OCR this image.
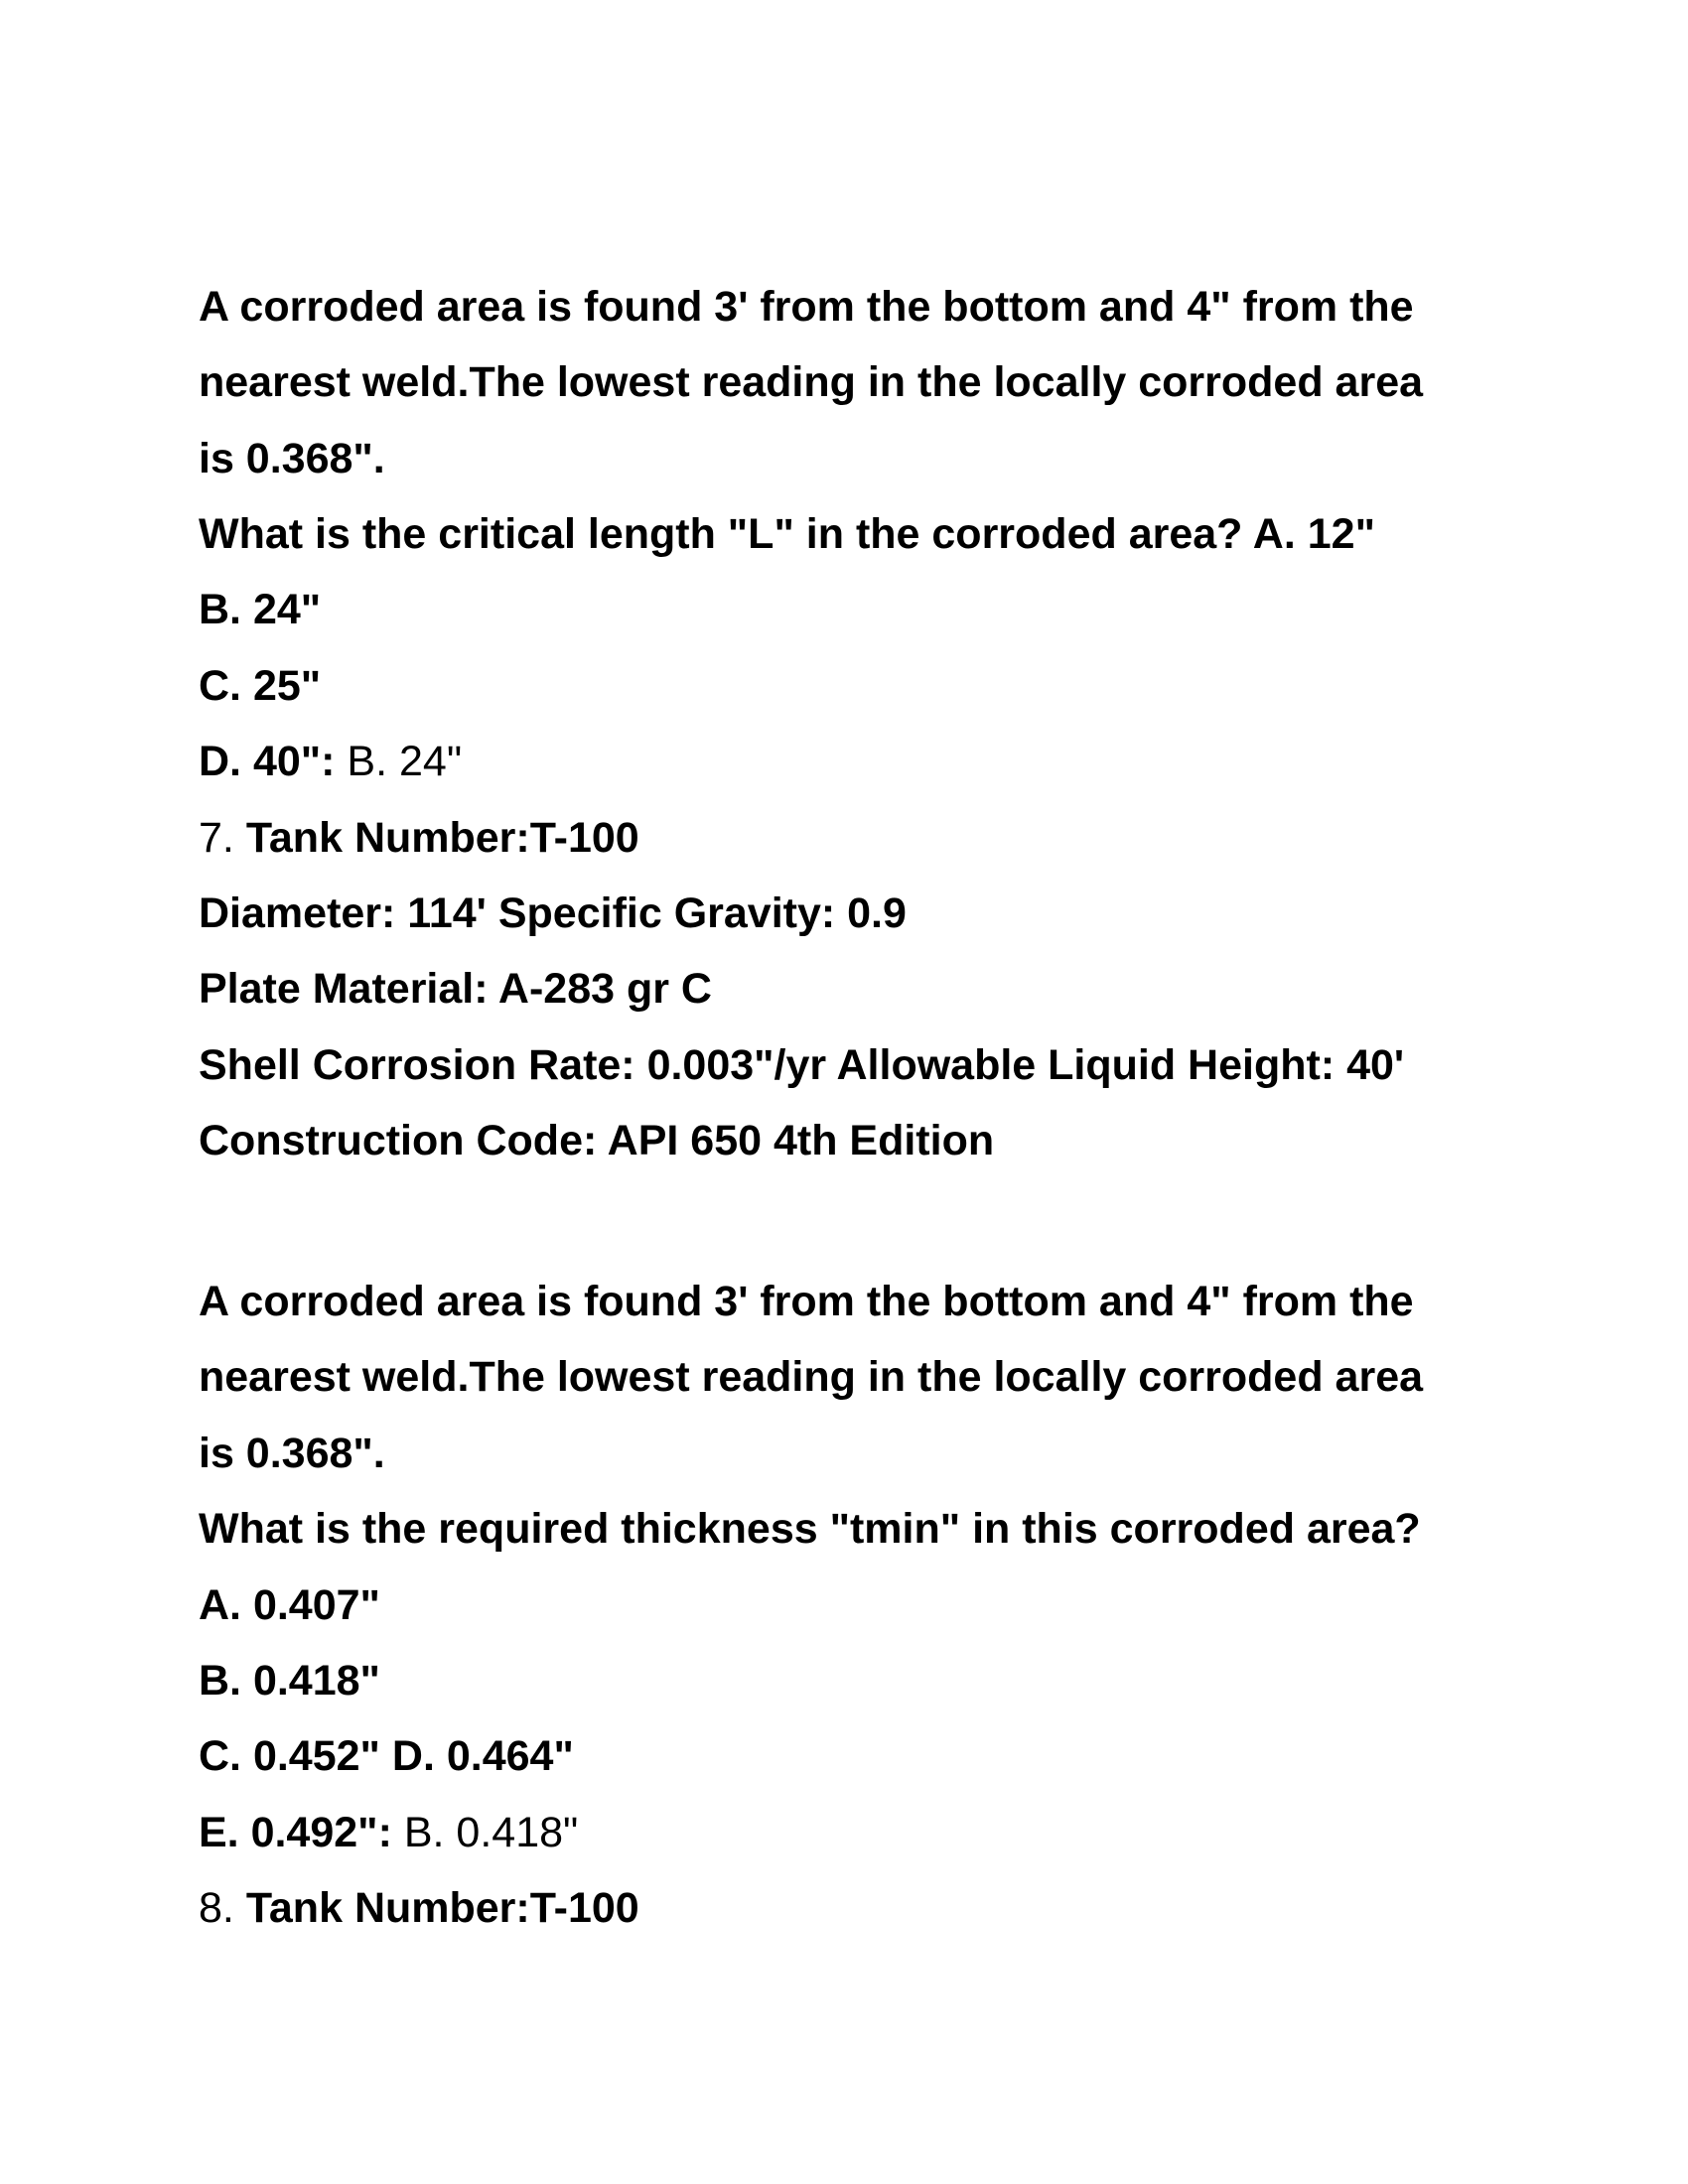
A corroded area is found 3' from the bottom and 4" from the
nearest weld.The lowest reading in the locally corroded area
is 0.368".
What is the critical length "L" in the corroded area? A. 12"
B. 24"
C. 25"
D. 40": B. 24"
7. Tank Number:T-100
Diameter: 114' Specific Gravity: 0.9
Plate Material: A-283 gr C
Shell Corrosion Rate: 0.003"/yr Allowable Liquid Height: 40'
Construction Code: API 650 4th Edition
A corroded area is found 3' from the bottom and 4" from the
nearest weld.The lowest reading in the locally corroded area
is 0.368".
What is the required thickness "tmin" in this corroded area?
A. 0.407"
B. 0.418"
C. 0.452" D. 0.464"
E. 0.492": B. 0.418"
8. Tank Number:T-100
